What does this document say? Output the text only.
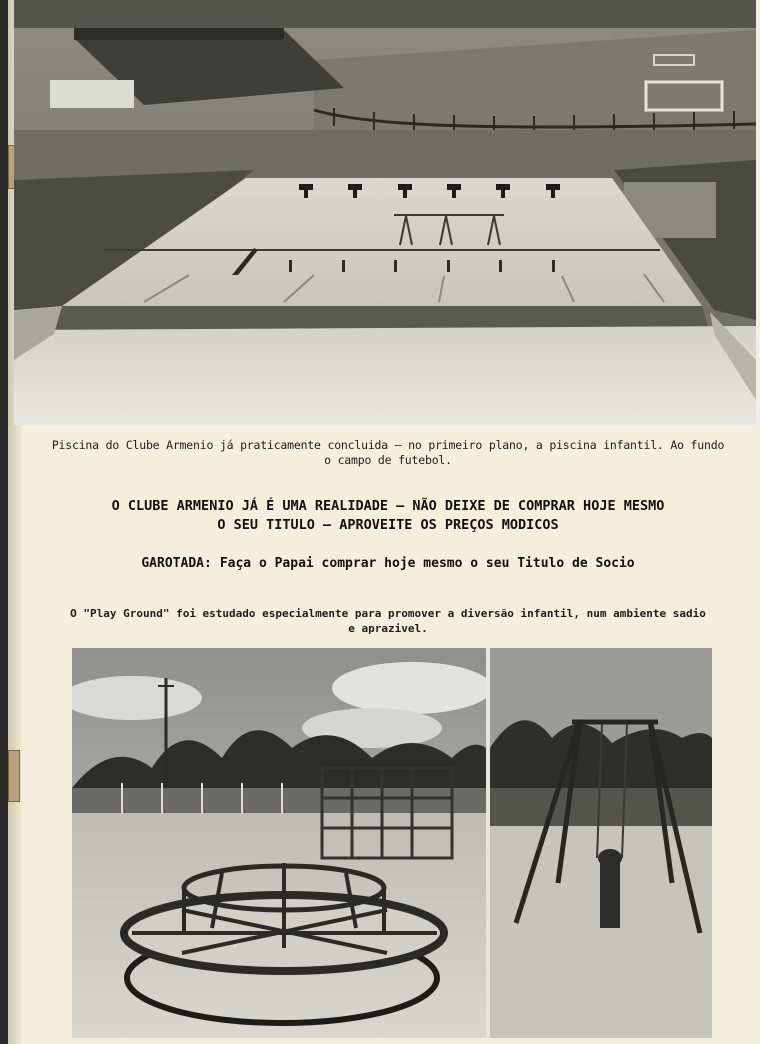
Piscina do Clube Armenio já praticamente concluida — no primeiro plano, a piscina infantil. Ao fundo o campo de futebol.
O CLUBE ARMENIO JÁ É UMA REALIDADE — NÃO DEIXE DE COMPRAR HOJE MESMO
O SEU TITULO — APROVEITE OS PREÇOS MODICOS
GAROTADA: Faça o Papai comprar hoje mesmo o seu Titulo de Socio
O "Play Ground" foi estudado especialmente para promover a diversão infantil, num ambiente sadio e aprazivel.
